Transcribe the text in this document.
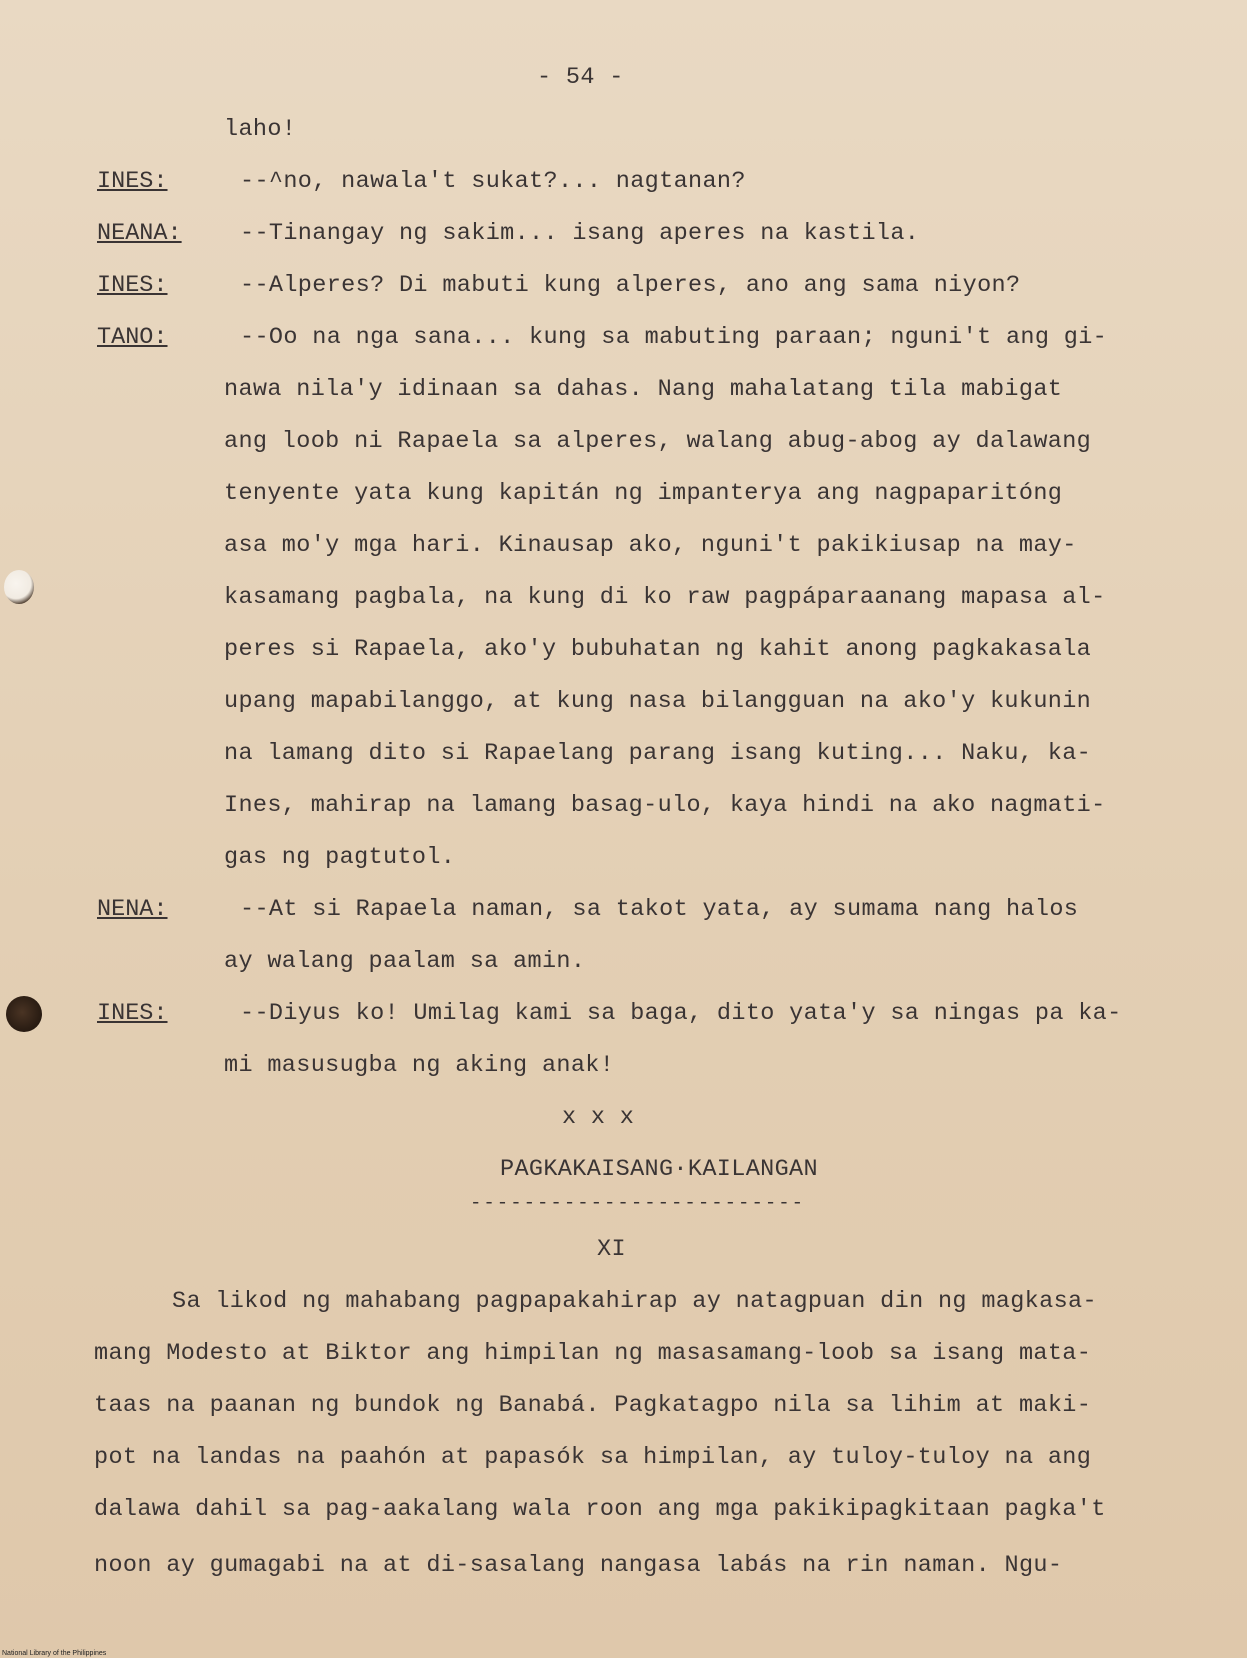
- 54 -
laho!
INES:	--^no, nawala't sukat?... nagtanan?
NEANA: --Tinangay ng sakim... isang aperes na kastila.
INES:	--Alperes? Di mabuti kung alperes, ano ang sama niyon?
TANO:	--Oo na nga sana... kung sa mabuting paraan; nguni't ang gi-
nawa nila'y idinaan sa dahas. Nang mahalatang tila mabigat
ang loob ni Rapaela sa alperes, walang abug-abog ay dalawang
tenyente yata kung kapitán ng impanterya ang nagpaparitóng
asa mo'y mga hari. Kinausap ako, nguni't pakikiusap na may-
kasamang pagbala, na kung di ko raw pagpáparaanang mapasa al-
peres si Rapaela, ako'y bubuhatan ng kahit anong pagkakasala
upang mapabilanggo, at kung nasa bilangguan na ako'y kukunin
na lamang dito si Rapaelang parang isang kuting... Naku, ka-
Ines, mahirap na lamang basag-ulo, kaya hindi na ako nagmati-
gas ng pagtutol.
NENA:	--At si Rapaela naman, sa takot yata, ay sumama nang halos
ay walang paalam sa amin.
INES:	--Diyus ko! Umilag kami sa baga, dito yata'y sa ningas pa ka-
mi masusugba ng aking anak!
x x x
PAGKAKAISANG·KAILANGAN
-------------------------
XI
Sa likod ng mahabang pagpapakahirap ay natagpuan din ng magkasa-
mang Modesto at Biktor ang himpilan ng masasamang-loob sa isang mata-
taas na paanan ng bundok ng Banabá. Pagkatagpo nila sa lihim at maki-
pot na landas na paahón at papasók sa himpilan, ay tuloy-tuloy na ang
dalawa dahil sa pag-aakalang wala roon ang mga pakikipagkitaan pagka't
noon ay gumagabi na at di-sasalang nangasa labás na rin naman. Ngu-
National Library of the Philippines
